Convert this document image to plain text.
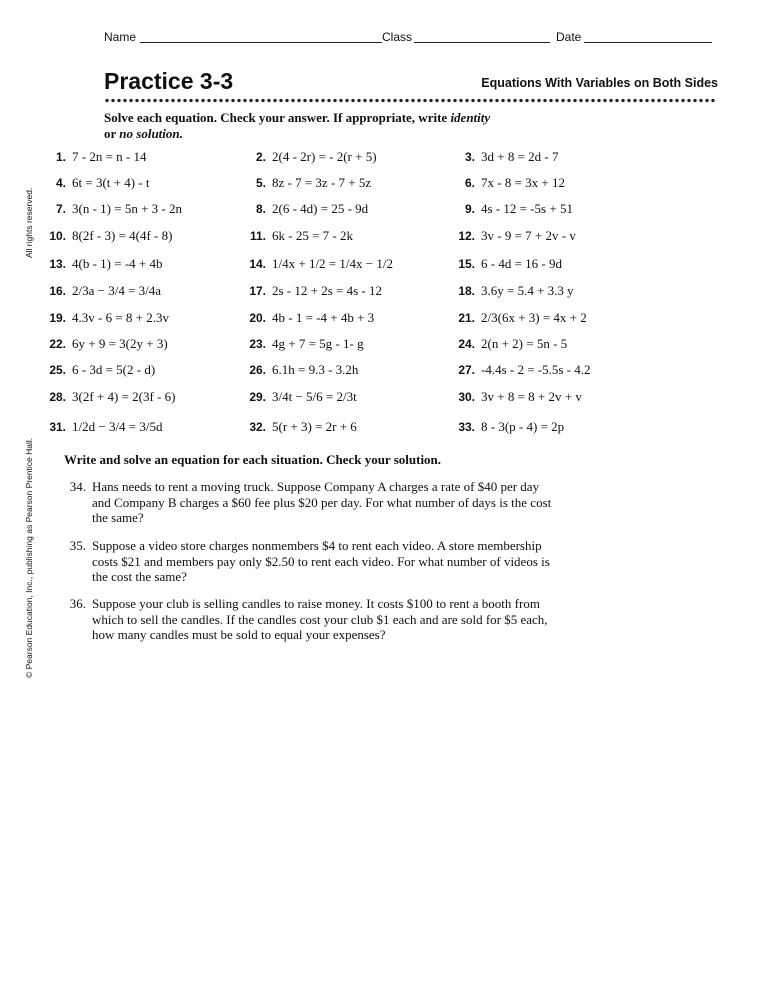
Name	Class	Date
Practice 3-3	Equations With Variables on Both Sides
Solve each equation. Check your answer. If appropriate, write identity
or no solution.
1. 7 - 2n = n - 14	2. 2(4 - 2r) = - 2(r + 5)	3. 3d + 8 = 2d - 7
4. 6t = 3(t + 4) - t	5. 8z - 7 = 3z - 7 + 5z	6. 7x - 8 = 3x + 12
7. 3(n - 1) = 5n + 3 - 2n	8. 2(6 - 4d) = 25 - 9d	9. 4s - 12 = -5s + 51
10. 8(2f - 3) = 4(4f - 8)	11. 6k - 25 = 7 - 2k	12. 3v - 9 = 7 + 2v - v
13. 4(b - 1) = -4 + 4b	14. 1/4x + 1/2 = 1/4x − 1/2	15. 6 - 4d = 16 - 9d
16. 2/3a − 3/4 = 3/4a	17. 2s - 12 + 2s = 4s - 12	18. 3.6y = 5.4 + 3.3 y
19. 4.3v - 6 = 8 + 2.3v	20. 4b - 1 = -4 + 4b + 3	21. 2/3(6x + 3) = 4x + 2
22. 6y + 9 = 3(2y + 3)	23. 4g + 7 = 5g - 1- g	24. 2(n + 2) = 5n - 5
25. 6 - 3d = 5(2 - d)	26. 6.1h = 9.3 - 3.2h	27. -4.4s - 2 = -5.5s - 4.2
28. 3(2f + 4) = 2(3f - 6)	29. 3/4t − 5/6 = 2/3t	30. 3v + 8 = 8 + 2v + v
31. 1/2d − 3/4 = 3/5d	32. 5(r + 3) = 2r + 6	33. 8 - 3(p - 4) = 2p
Write and solve an equation for each situation. Check your solution.
34. Hans needs to rent a moving truck. Suppose Company A charges a rate of $40 per day and Company B charges a $60 fee plus $20 per day. For what number of days is the cost the same?
35. Suppose a video store charges nonmembers $4 to rent each video. A store membership costs $21 and members pay only $2.50 to rent each video. For what number of videos is the cost the same?
36. Suppose your club is selling candles to raise money. It costs $100 to rent a booth from which to sell the candles. If the candles cost your club $1 each and are sold for $5 each, how many candles must be sold to equal your expenses?
All rights reserved.
© Pearson Education, Inc., publishing as Pearson Prentice Hall.
